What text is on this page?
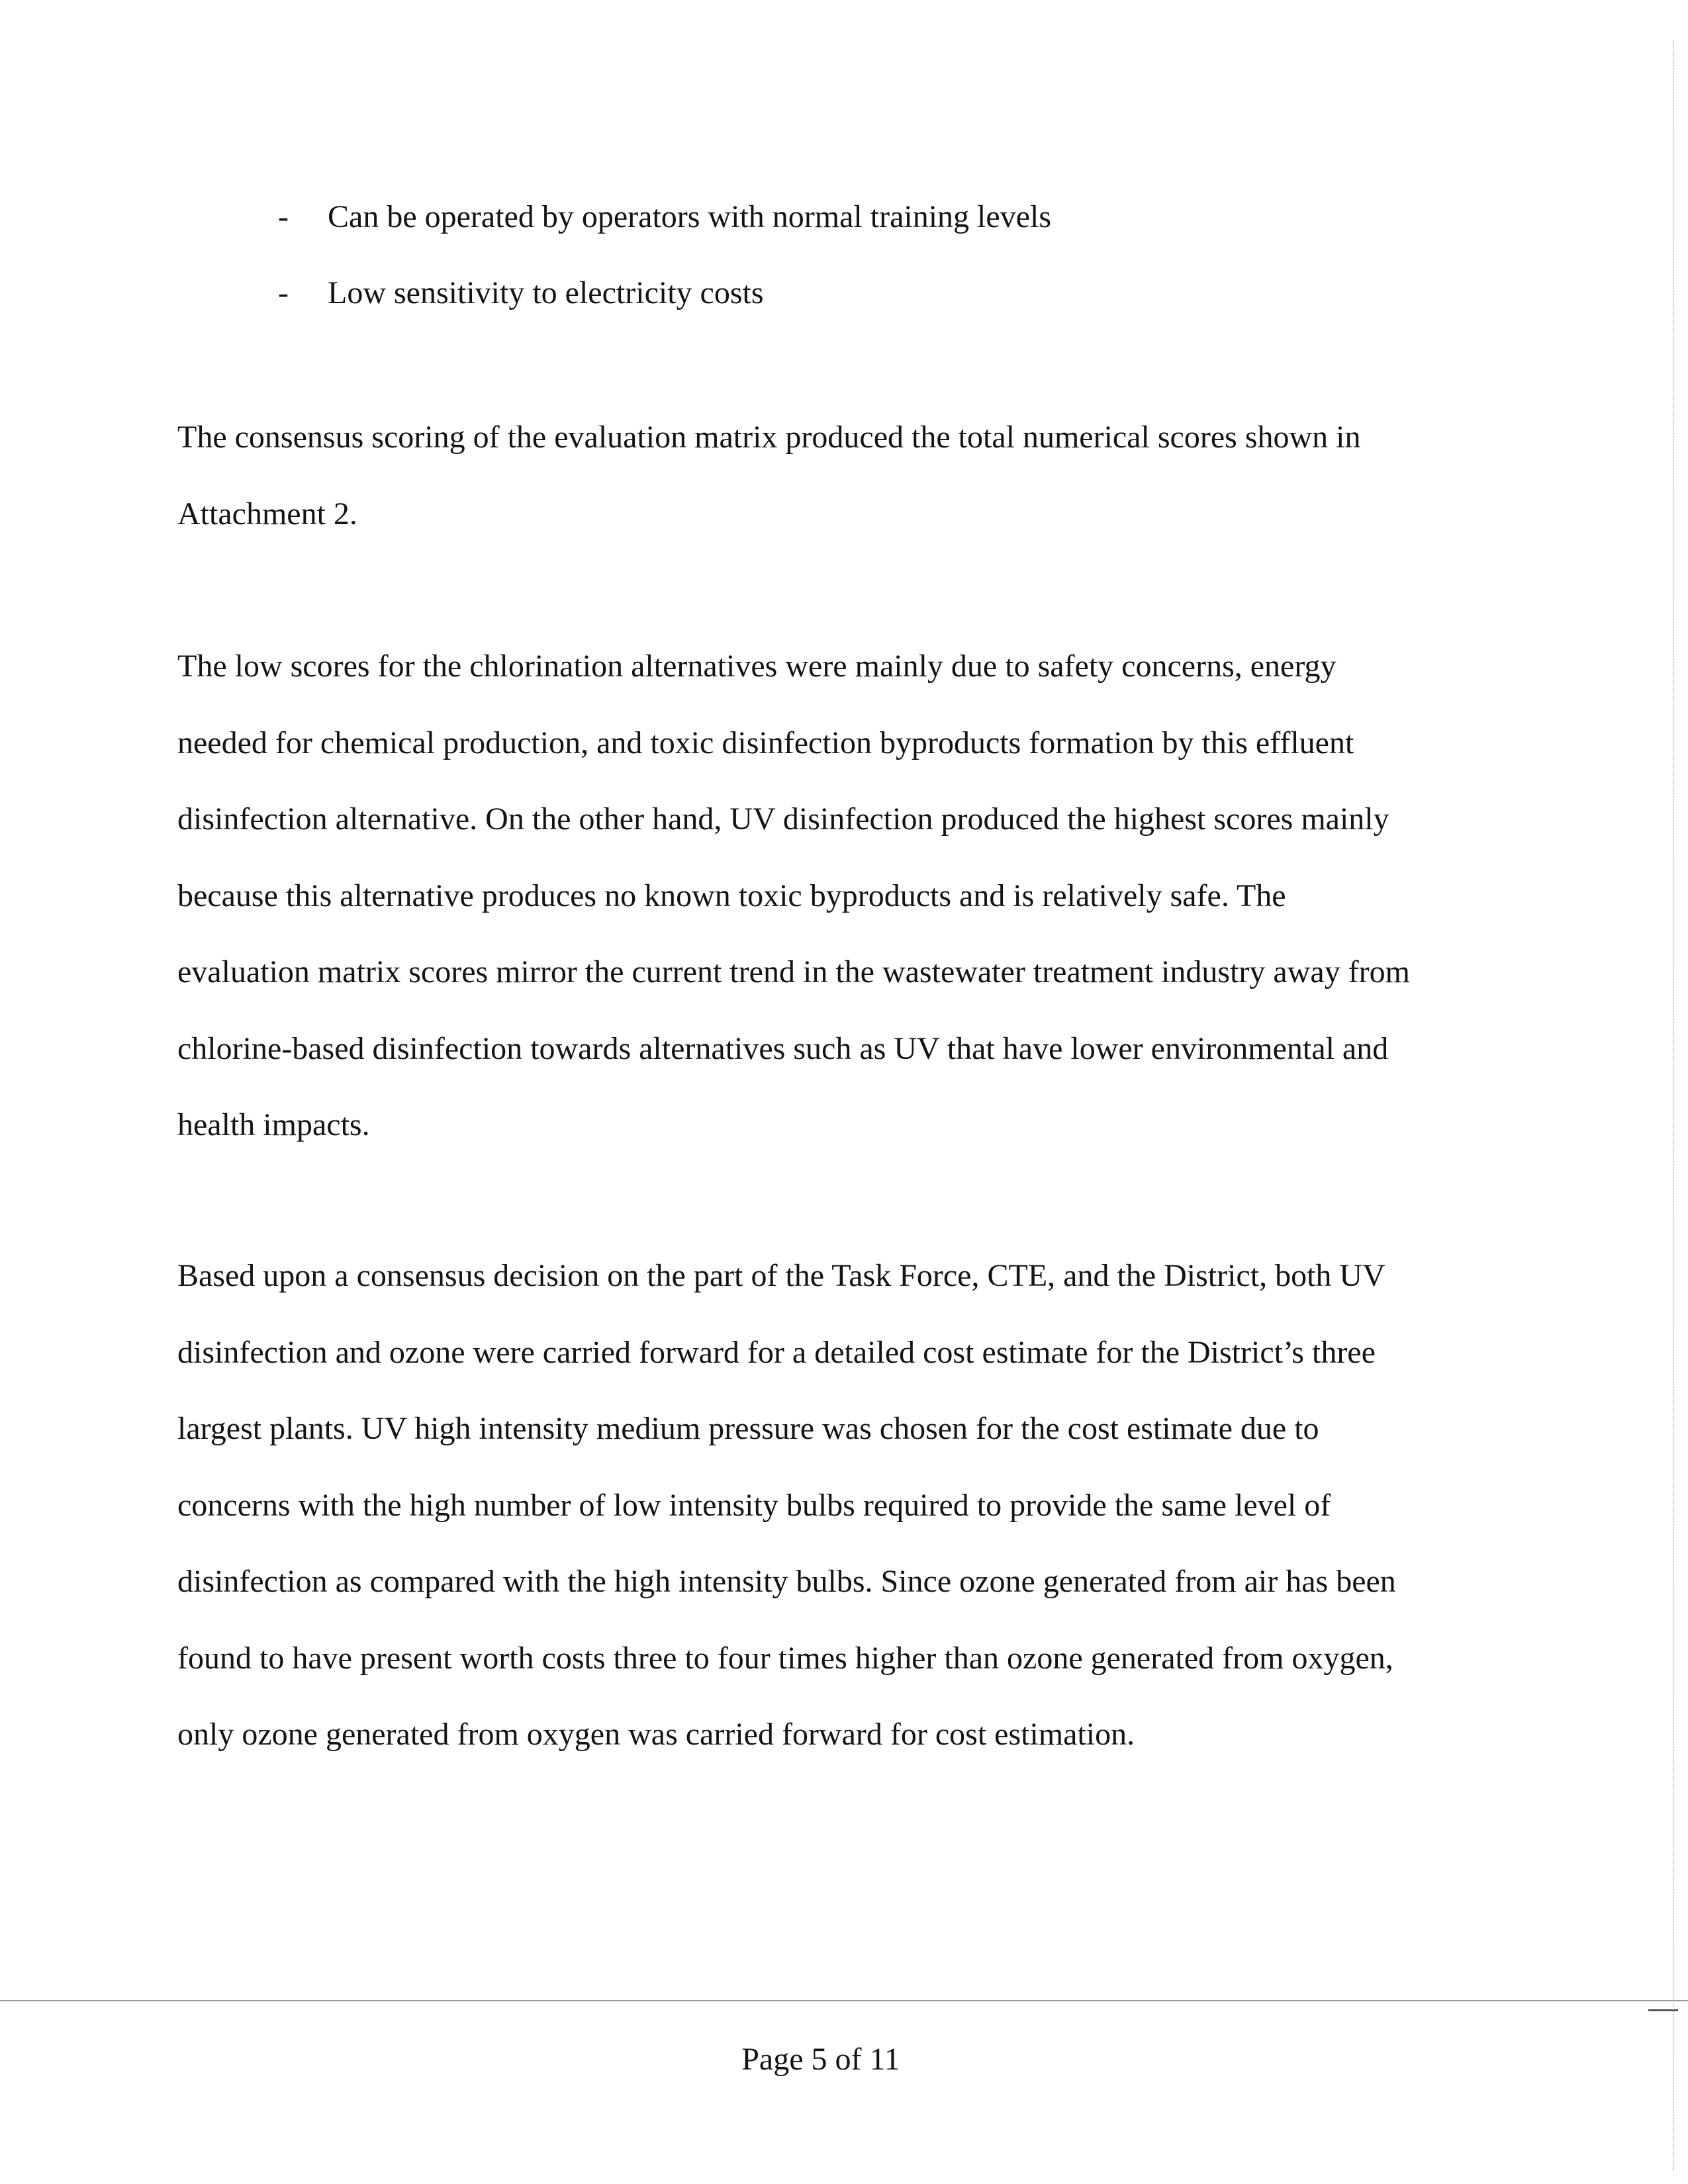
- Can be operated by operators with normal training levels
- Low sensitivity to electricity costs

The consensus scoring of the evaluation matrix produced the total numerical scores shown in
Attachment 2.

The low scores for the chlorination alternatives were mainly due to safety concerns, energy
needed for chemical production, and toxic disinfection byproducts formation by this effluent
disinfection alternative. On the other hand, UV disinfection produced the highest scores mainly
because this alternative produces no known toxic byproducts and is relatively safe. The
evaluation matrix scores mirror the current trend in the wastewater treatment industry away from
chlorine-based disinfection towards alternatives such as UV that have lower environmental and
health impacts.

Based upon a consensus decision on the part of the Task Force, CTE, and the District, both UV
disinfection and ozone were carried forward for a detailed cost estimate for the District’s three
largest plants. UV high intensity medium pressure was chosen for the cost estimate due to
concerns with the high number of low intensity bulbs required to provide the same level of
disinfection as compared with the high intensity bulbs. Since ozone generated from air has been
found to have present worth costs three to four times higher than ozone generated from oxygen,
only ozone generated from oxygen was carried forward for cost estimation.

Page 5 of 11
